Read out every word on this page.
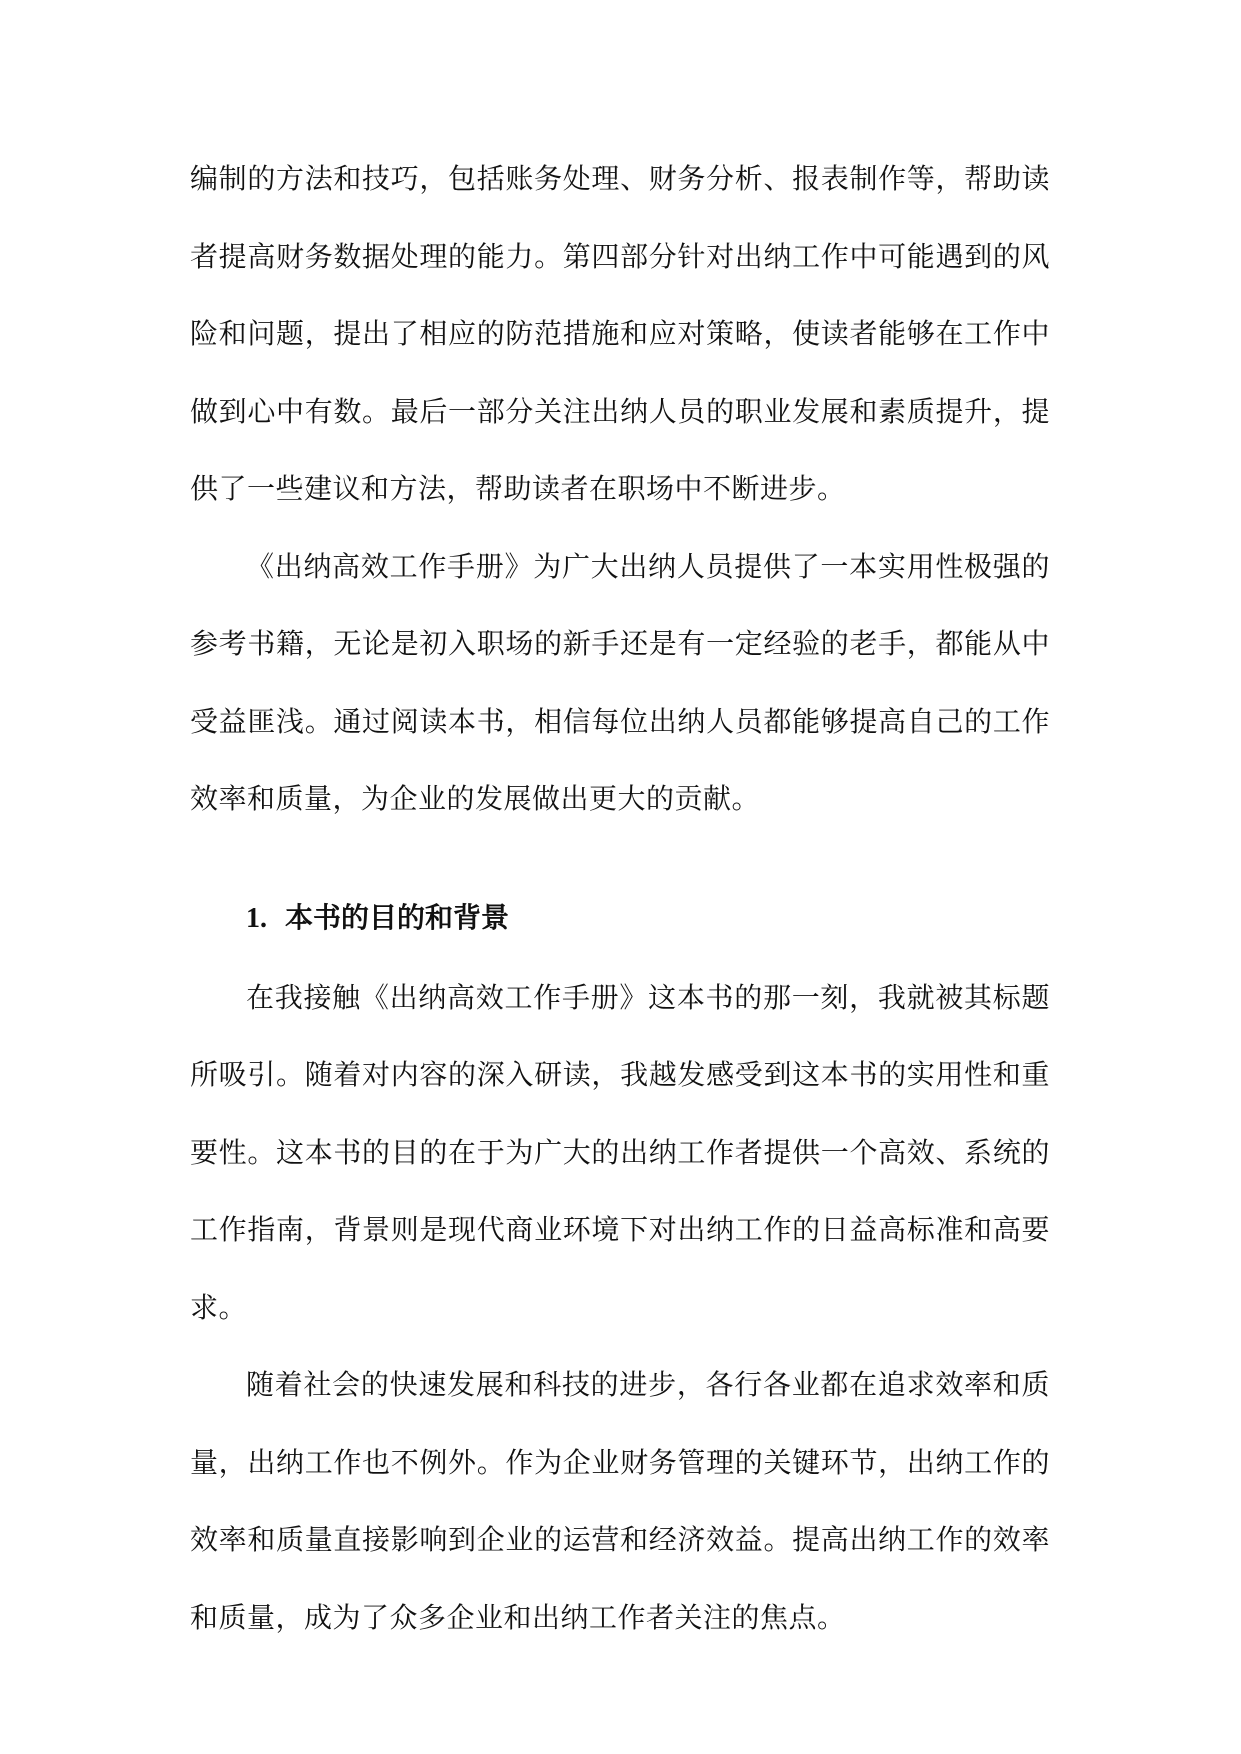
编制的方法和技巧，包括账务处理、财务分析、报表制作等，帮助读者提高财务数据处理的能力。第四部分针对出纳工作中可能遇到的风险和问题，提出了相应的防范措施和应对策略，使读者能够在工作中做到心中有数。最后一部分关注出纳人员的职业发展和素质提升，提供了一些建议和方法，帮助读者在职场中不断进步。

《出纳高效工作手册》为广大出纳人员提供了一本实用性极强的参考书籍，无论是初入职场的新手还是有一定经验的老手，都能从中受益匪浅。通过阅读本书，相信每位出纳人员都能够提高自己的工作效率和质量，为企业的发展做出更大的贡献。

1. 本书的目的和背景

在我接触《出纳高效工作手册》这本书的那一刻，我就被其标题所吸引。随着对内容的深入研读，我越发感受到这本书的实用性和重要性。这本书的目的在于为广大的出纳工作者提供一个高效、系统的工作指南，背景则是现代商业环境下对出纳工作的日益高标准和高要求。

随着社会的快速发展和科技的进步，各行各业都在追求效率和质量，出纳工作也不例外。作为企业财务管理的关键环节，出纳工作的效率和质量直接影响到企业的运营和经济效益。提高出纳工作的效率和质量，成为了众多企业和出纳工作者关注的焦点。
